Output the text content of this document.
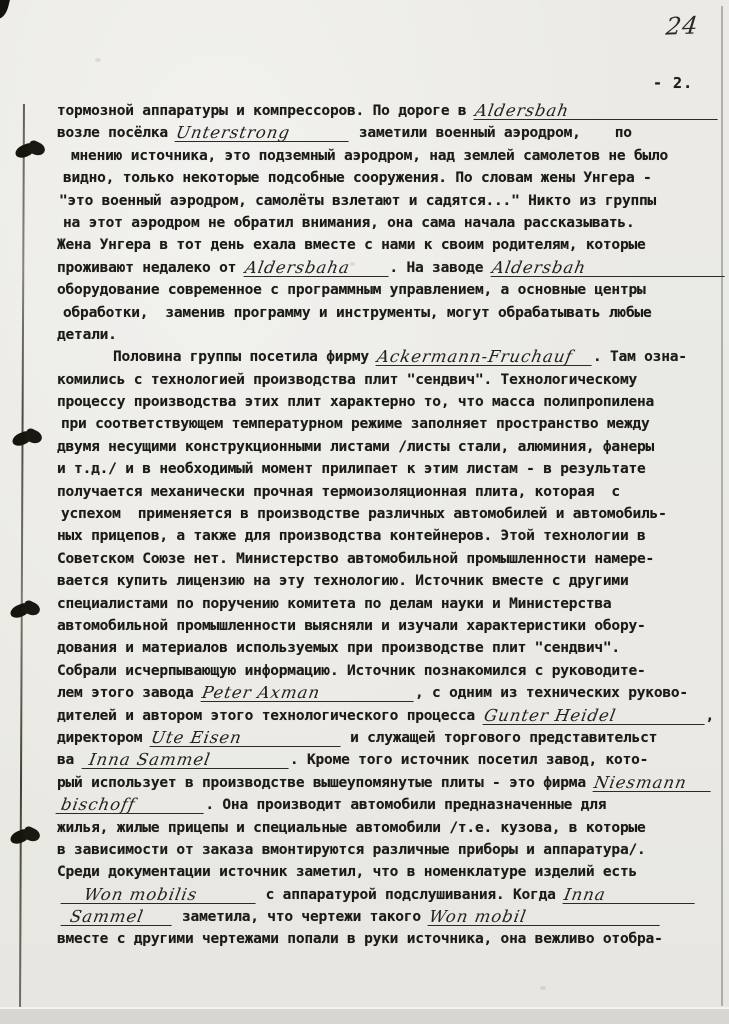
24
- 2.
тормозной аппаратуры и компрессоров. По дороге в Aldersbah
возле посёлка Unterstrong	заметили военный аэродром,    по
мнению источника, это подземный аэродром, над землей самолетов не было
видно, только некоторые подсобные сооружения. По словам жены Унгера -
"это военный аэродром, самолёты взлетают и садятся..." Никто из группы
на этот аэродром не обратил внимания, она сама начала рассказывать.
Жена Унгера в тот день ехала вместе с нами к своим родителям, которые
проживают недалеко от Aldersbaha	. На заводе Aldersbah
оборудование современное с программным управлением, а основные центры
обработки,  заменив программу и инструменты, могут обрабатывать любые
детали.
Половина группы посетила фирму Ackermann-Fruchauf . Там озна-
комились с технологией производства плит "сендвич". Технологическому
процессу производства этих плит характерно то, что масса полипропилена
при соответствующем температурном режиме заполняет пространство между
двумя несущими конструкционными листами /листы стали, алюминия, фанеры
и т.д./ и в необходимый момент прилипает к этим листам - в результате
получается механически прочная термоизоляционная плита, которая  с
успехом  применяется в производстве различных автомобилей и автомобиль-
ных прицепов, а также для производства контейнеров. Этой технологии в
Советском Союзе нет. Министерство автомобильной промышленности намере-
вается купить лицензию на эту технологию. Источник вместе с другими
специалистами по поручению комитета по делам науки и Министерства
автомобильной промышленности выясняли и изучали характеристики обору-
дования и материалов используемых при производстве плит "сендвич".
Собрали исчерпывающую информацию. Источник познакомился с руководите-
лем этого завода Peter Axman	, с одним из технических руково-
дителей и автором этого технологического процесса Gunter Heidel	,
директором Ute Eisen	и служащей торгового представительст
ва Inna Sammel	. Кроме того источник посетил завод, кото-
рый использует в производстве вышеупомянутые плиты - это фирма Niesmann
bischoff	. Она производит автомобили предназначенные для
жилья, жилые прицепы и специальные автомобили /т.е. кузова, в которые
в зависимости от заказа вмонтируются различные приборы и аппаратура/.
Среди документации источник заметил, что в номенклатуре изделий есть
Won mobilis	с аппаратурой подслушивания. Когда Inna
Sammel заметила, что чертежи такого Won mobil
вместе с другими чертежами попали в руки источника, она вежливо отобра-
